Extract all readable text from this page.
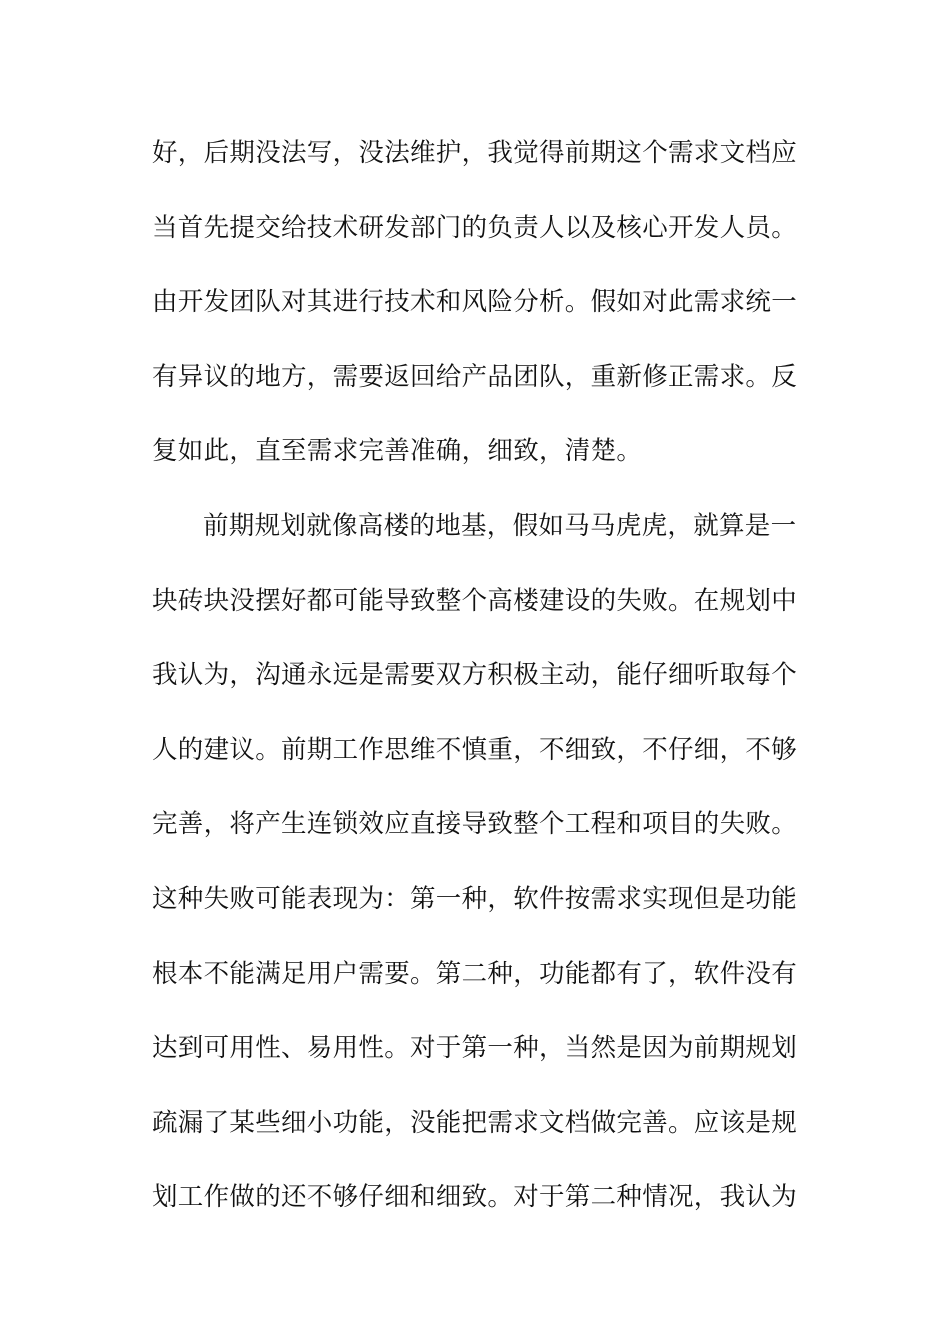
好，后期没法写，没法维护，我觉得前期这个需求文档应
当首先提交给技术研发部门的负责人以及核心开发人员。
由开发团队对其进行技术和风险分析。假如对此需求统一
有异议的地方，需要返回给产品团队，重新修正需求。反
复如此，直至需求完善准确，细致，清楚。
前期规划就像高楼的地基，假如马马虎虎，就算是一
块砖块没摆好都可能导致整个高楼建设的失败。在规划中
我认为，沟通永远是需要双方积极主动，能仔细听取每个
人的建议。前期工作思维不慎重，不细致，不仔细，不够
完善，将产生连锁效应直接导致整个工程和项目的失败。
这种失败可能表现为：第一种，软件按需求实现但是功能
根本不能满足用户需要。第二种，功能都有了，软件没有
达到可用性、易用性。对于第一种，当然是因为前期规划
疏漏了某些细小功能，没能把需求文档做完善。应该是规
划工作做的还不够仔细和细致。对于第二种情况，我认为
